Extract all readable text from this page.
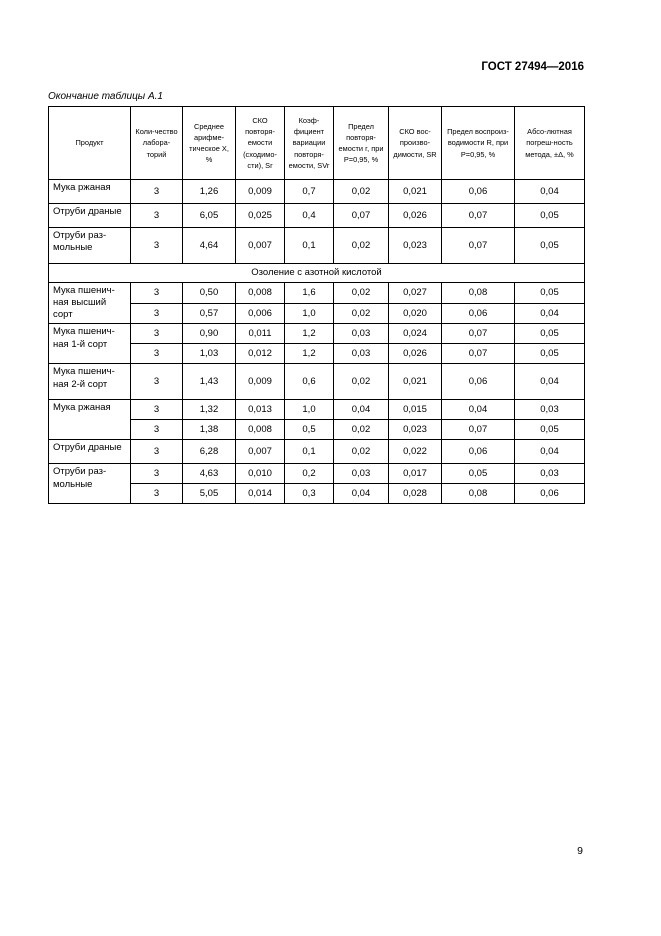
ГОСТ 27494—2016
Окончание таблицы А.1
Продукт	Коли-чество лабора-торий	Среднее арифме-тическое X, %	СКО повторя-емости (сходимо-сти), Sr	Коэф-фициент вариации повторя-емости, SVr	Предел повторя-емости r, при P=0,95, %	СКО вос-произво-димости, SR	Предел воспроиз-водимости R, при P=0,95, %	Абсо-лютная погреш-ность метода, ±Δ, %
Мука ржаная	3	1,26	0,009	0,7	0,02	0,021	0,06	0,04
Отруби драные	3	6,05	0,025	0,4	0,07	0,026	0,07	0,05
Отруби раз-мольные	3	4,64	0,007	0,1	0,02	0,023	0,07	0,05
Озоление с азотной кислотой								
Мука пшенич-ная высший сорт	3	0,50	0,008	1,6	0,02	0,027	0,08	0,05
	3	0,57	0,006	1,0	0,02	0,020	0,06	0,04
Мука пшенич-ная 1-й сорт	3	0,90	0,011	1,2	0,03	0,024	0,07	0,05
	3	1,03	0,012	1,2	0,03	0,026	0,07	0,05
Мука пшенич-ная 2-й сорт	3	1,43	0,009	0,6	0,02	0,021	0,06	0,04
Мука ржаная	3	1,32	0,013	1,0	0,04	0,015	0,04	0,03
	3	1,38	0,008	0,5	0,02	0,023	0,07	0,05
Отруби драные	3	6,28	0,007	0,1	0,02	0,022	0,06	0,04
Отруби раз-мольные	3	4,63	0,010	0,2	0,03	0,017	0,05	0,03
	3	5,05	0,014	0,3	0,04	0,028	0,08	0,06
9
